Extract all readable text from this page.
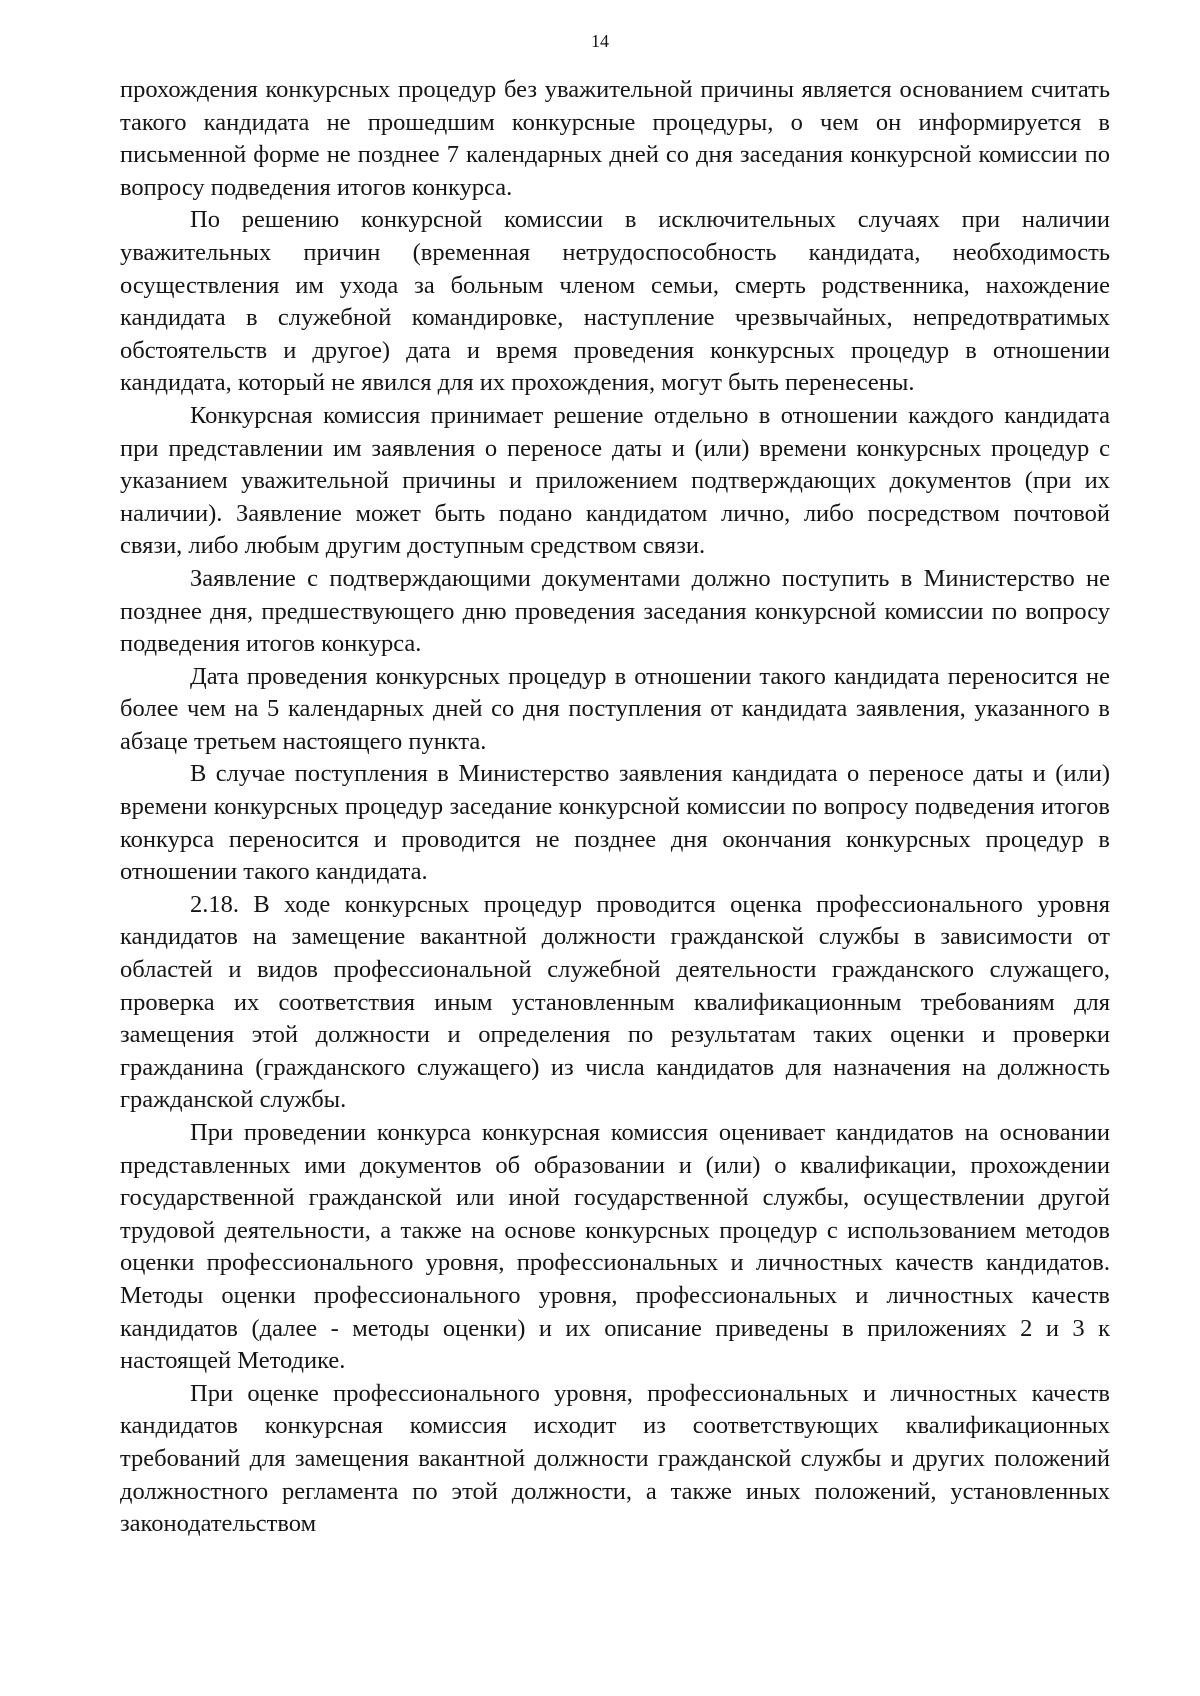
14

прохождения конкурсных процедур без уважительной причины является основанием считать такого кандидата не прошедшим конкурсные процедуры, о чем он информируется в письменной форме не позднее 7 календарных дней со дня заседания конкурсной комиссии по вопросу подведения итогов конкурса.

По решению конкурсной комиссии в исключительных случаях при наличии уважительных причин (временная нетрудоспособность кандидата, необходимость осуществления им ухода за больным членом семьи, смерть родственника, нахождение кандидата в служебной командировке, наступление чрезвычайных, непредотвратимых обстоятельств и другое) дата и время проведения конкурсных процедур в отношении кандидата, который не явился для их прохождения, могут быть перенесены.

Конкурсная комиссия принимает решение отдельно в отношении каждого кандидата при представлении им заявления о переносе даты и (или) времени конкурсных процедур с указанием уважительной причины и приложением подтверждающих документов (при их наличии). Заявление может быть подано кандидатом лично, либо посредством почтовой связи, либо любым другим доступным средством связи.

Заявление с подтверждающими документами должно поступить в Министерство не позднее дня, предшествующего дню проведения заседания конкурсной комиссии по вопросу подведения итогов конкурса.

Дата проведения конкурсных процедур в отношении такого кандидата переносится не более чем на 5 календарных дней со дня поступления от кандидата заявления, указанного в абзаце третьем настоящего пункта.

В случае поступления в Министерство заявления кандидата о переносе даты и (или) времени конкурсных процедур заседание конкурсной комиссии по вопросу подведения итогов конкурса переносится и проводится не позднее дня окончания конкурсных процедур в отношении такого кандидата.

2.18. В ходе конкурсных процедур проводится оценка профессионального уровня кандидатов на замещение вакантной должности гражданской службы в зависимости от областей и видов профессиональной служебной деятельности гражданского служащего, проверка их соответствия иным установленным квалификационным требованиям для замещения этой должности и определения по результатам таких оценки и проверки гражданина (гражданского служащего) из числа кандидатов для назначения на должность гражданской службы.

При проведении конкурса конкурсная комиссия оценивает кандидатов на основании представленных ими документов об образовании и (или) о квалификации, прохождении государственной гражданской или иной государственной службы, осуществлении другой трудовой деятельности, а также на основе конкурсных процедур с использованием методов оценки профессионального уровня, профессиональных и личностных качеств кандидатов. Методы оценки профессионального уровня, профессиональных и личностных качеств кандидатов (далее - методы оценки) и их описание приведены в приложениях 2 и 3 к настоящей Методике.

При оценке профессионального уровня, профессиональных и личностных качеств кандидатов конкурсная комиссия исходит из соответствующих квалификационных требований для замещения вакантной должности гражданской службы и других положений должностного регламента по этой должности, а также иных положений, установленных законодательством
